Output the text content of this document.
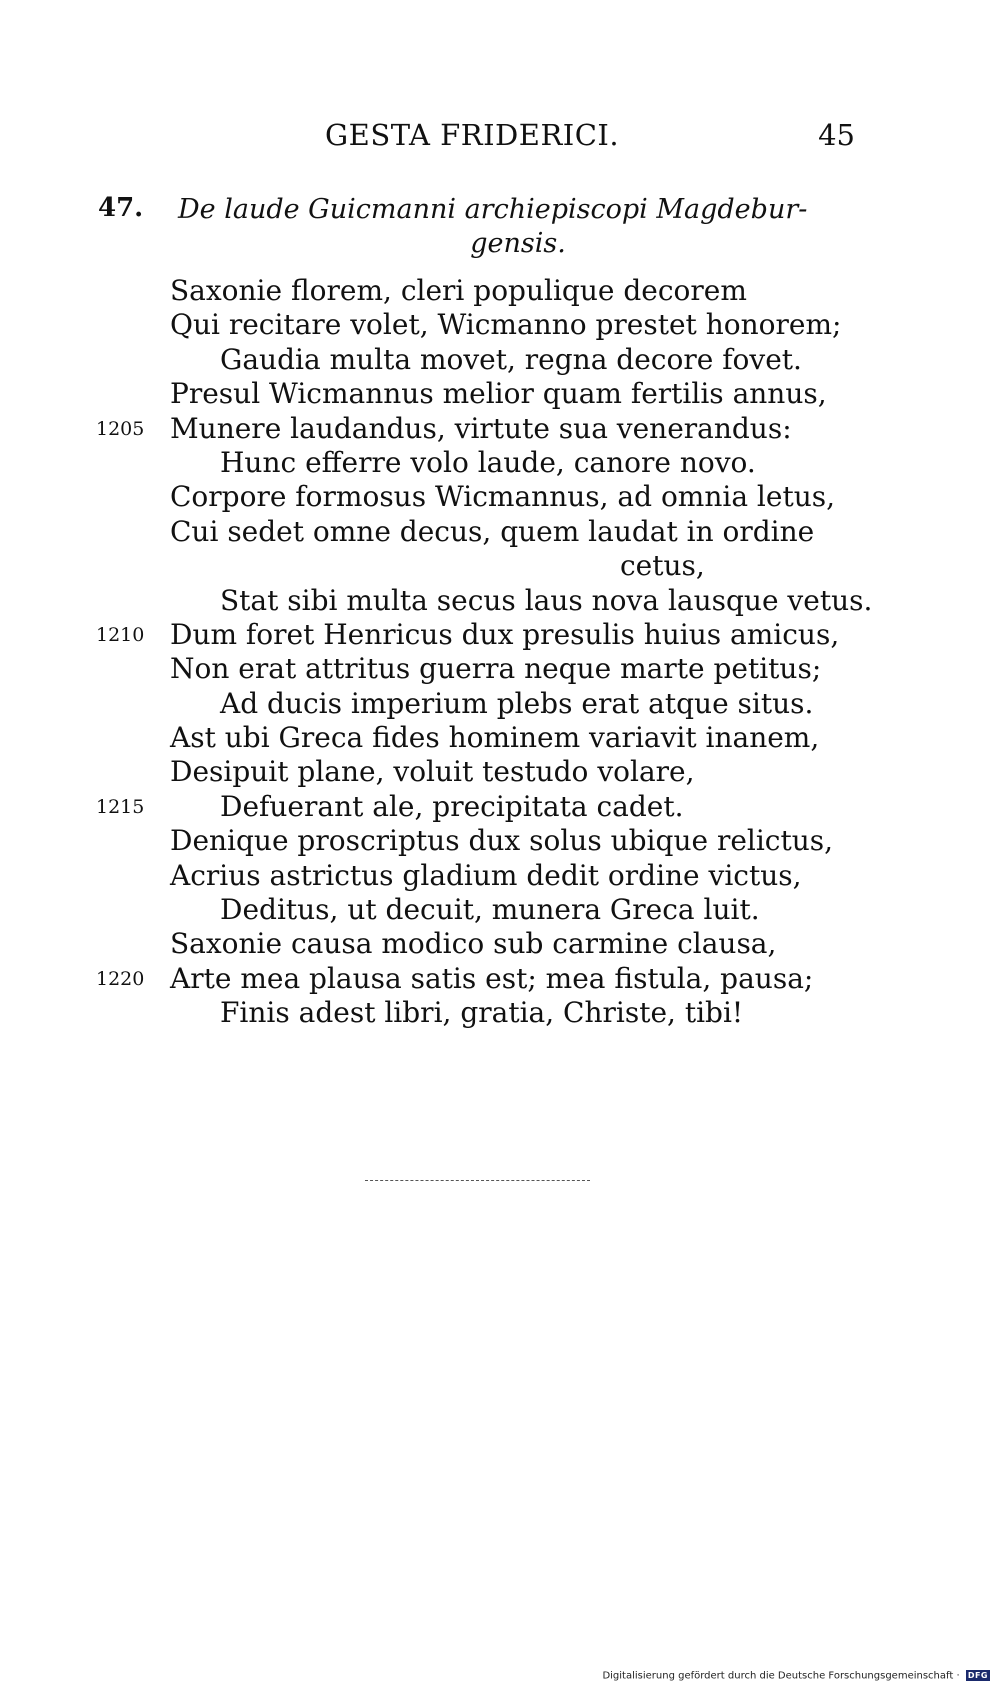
GESTA FRIDERICI.	45
47. De laude Guicmanni archiepiscopi Magdebur-
gensis.
Saxonie florem, cleri populique decorem
Qui recitare volet, Wicmanno prestet honorem;
Gaudia multa movet, regna decore fovet.
Presul Wicmannus melior quam fertilis annus,
1205 Munere laudandus, virtute sua venerandus:
Hunc efferre volo laude, canore novo.
Corpore formosus Wicmannus, ad omnia letus,
Cui sedet omne decus, quem laudat in ordine
cetus,
Stat sibi multa secus laus nova lausque vetus.
1210 Dum foret Henricus dux presulis huius amicus,
Non erat attritus guerra neque marte petitus;
Ad ducis imperium plebs erat atque situs.
Ast ubi Greca fides hominem variavit inanem,
Desipuit plane, voluit testudo volare,
1215	Defuerant ale, precipitata cadet.
Denique proscriptus dux solus ubique relictus,
Acrius astrictus gladium dedit ordine victus,
Deditus, ut decuit, munera Greca luit.
Saxonie causa modico sub carmine clausa,
1220 Arte mea plausa satis est; mea fistula, pausa;
Finis adest libri, gratia, Christe, tibi!
Digitalisierung gefördert durch die Deutsche Forschungsgemeinschaft · DFG
